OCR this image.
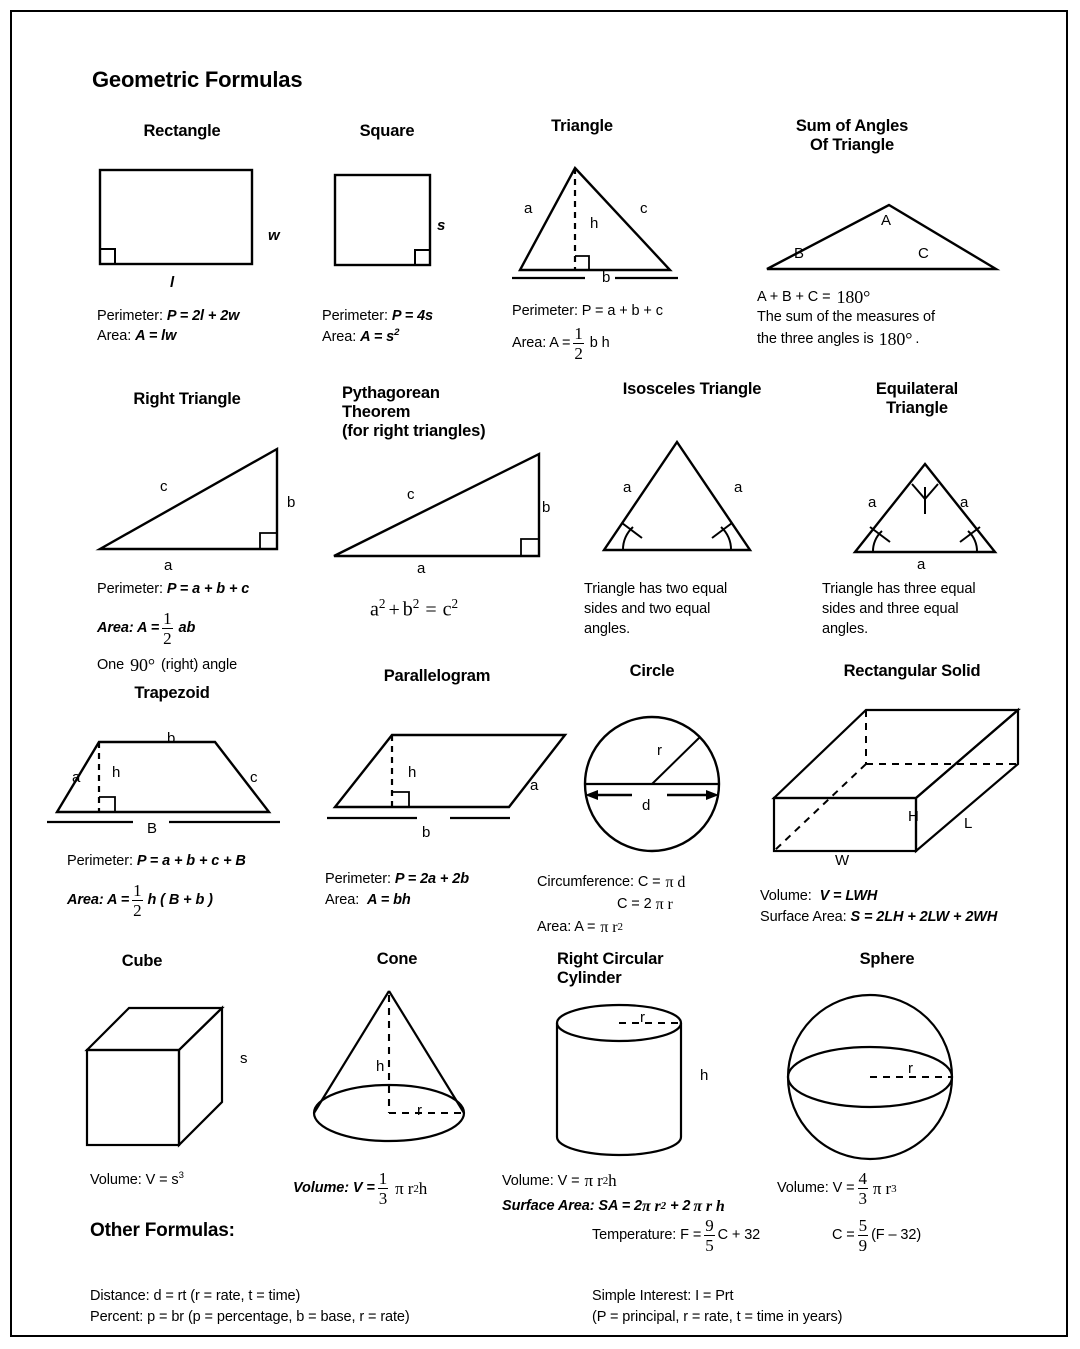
Geometric Formulas
Rectangle
w
l
Perimeter: P = 2l + 2w
Area: A = lw
Square
s
Perimeter: P = 4s
Area: $A = s^2$
Triangle
a	c
h
b
Perimeter: P = a + b + c
Area: A =
1
2
b h
Sum of Angles
Of Triangle
A
B	C
A + B + C = 180°
The sum of the measures of
the three angles is 180° .
Right Triangle
c
b
a
Perimeter: P = a + b + c
Area: A =
1
2
ab
One 90° (right) angle
Pythagorean
Theorem
(for right triangles)
c
b
a
$a^2 + b^2 = c^2$
Isosceles Triangle
a	a
Triangle has two equal
sides and two equal
angles.
Equilateral
Triangle
a	a
a
Triangle has three equal
sides and three equal
angles.
Trapezoid
a h
b
c
B
Perimeter: P = a + b + c + B
Area: A =
1
2
h ( B + b )
Parallelogram
h
a
b
Perimeter: P = 2a + 2b
Area:  A = bh
Circle
r
d
Circumference: C = π d
C = 2 π r
Area: A = π r 2
Rectangular Solid
H	L
W
Volume:  V = LWH
Surface Area: S = 2LH + 2LW + 2WH
Cube
s
Volume: $V = s^3$
Cone
h
r
Volume: V =
1
3
π r 2 h
Right Circular
Cylinder
r
h
Volume: V = π r 2 h
Surface Area: SA = 2 π r 2 + 2 π r h
Sphere
r
Volume: V =
4
3
π r 3
Other Formulas:	Temperature: F =
9
5
C + 32	C =
5
9
(F – 32)
Distance: d = rt (r = rate, t = time)
Percent: p = br (p = percentage, b = base, r = rate)
Simple Interest: I = Prt
(P = principal, r = rate, t = time in years)
